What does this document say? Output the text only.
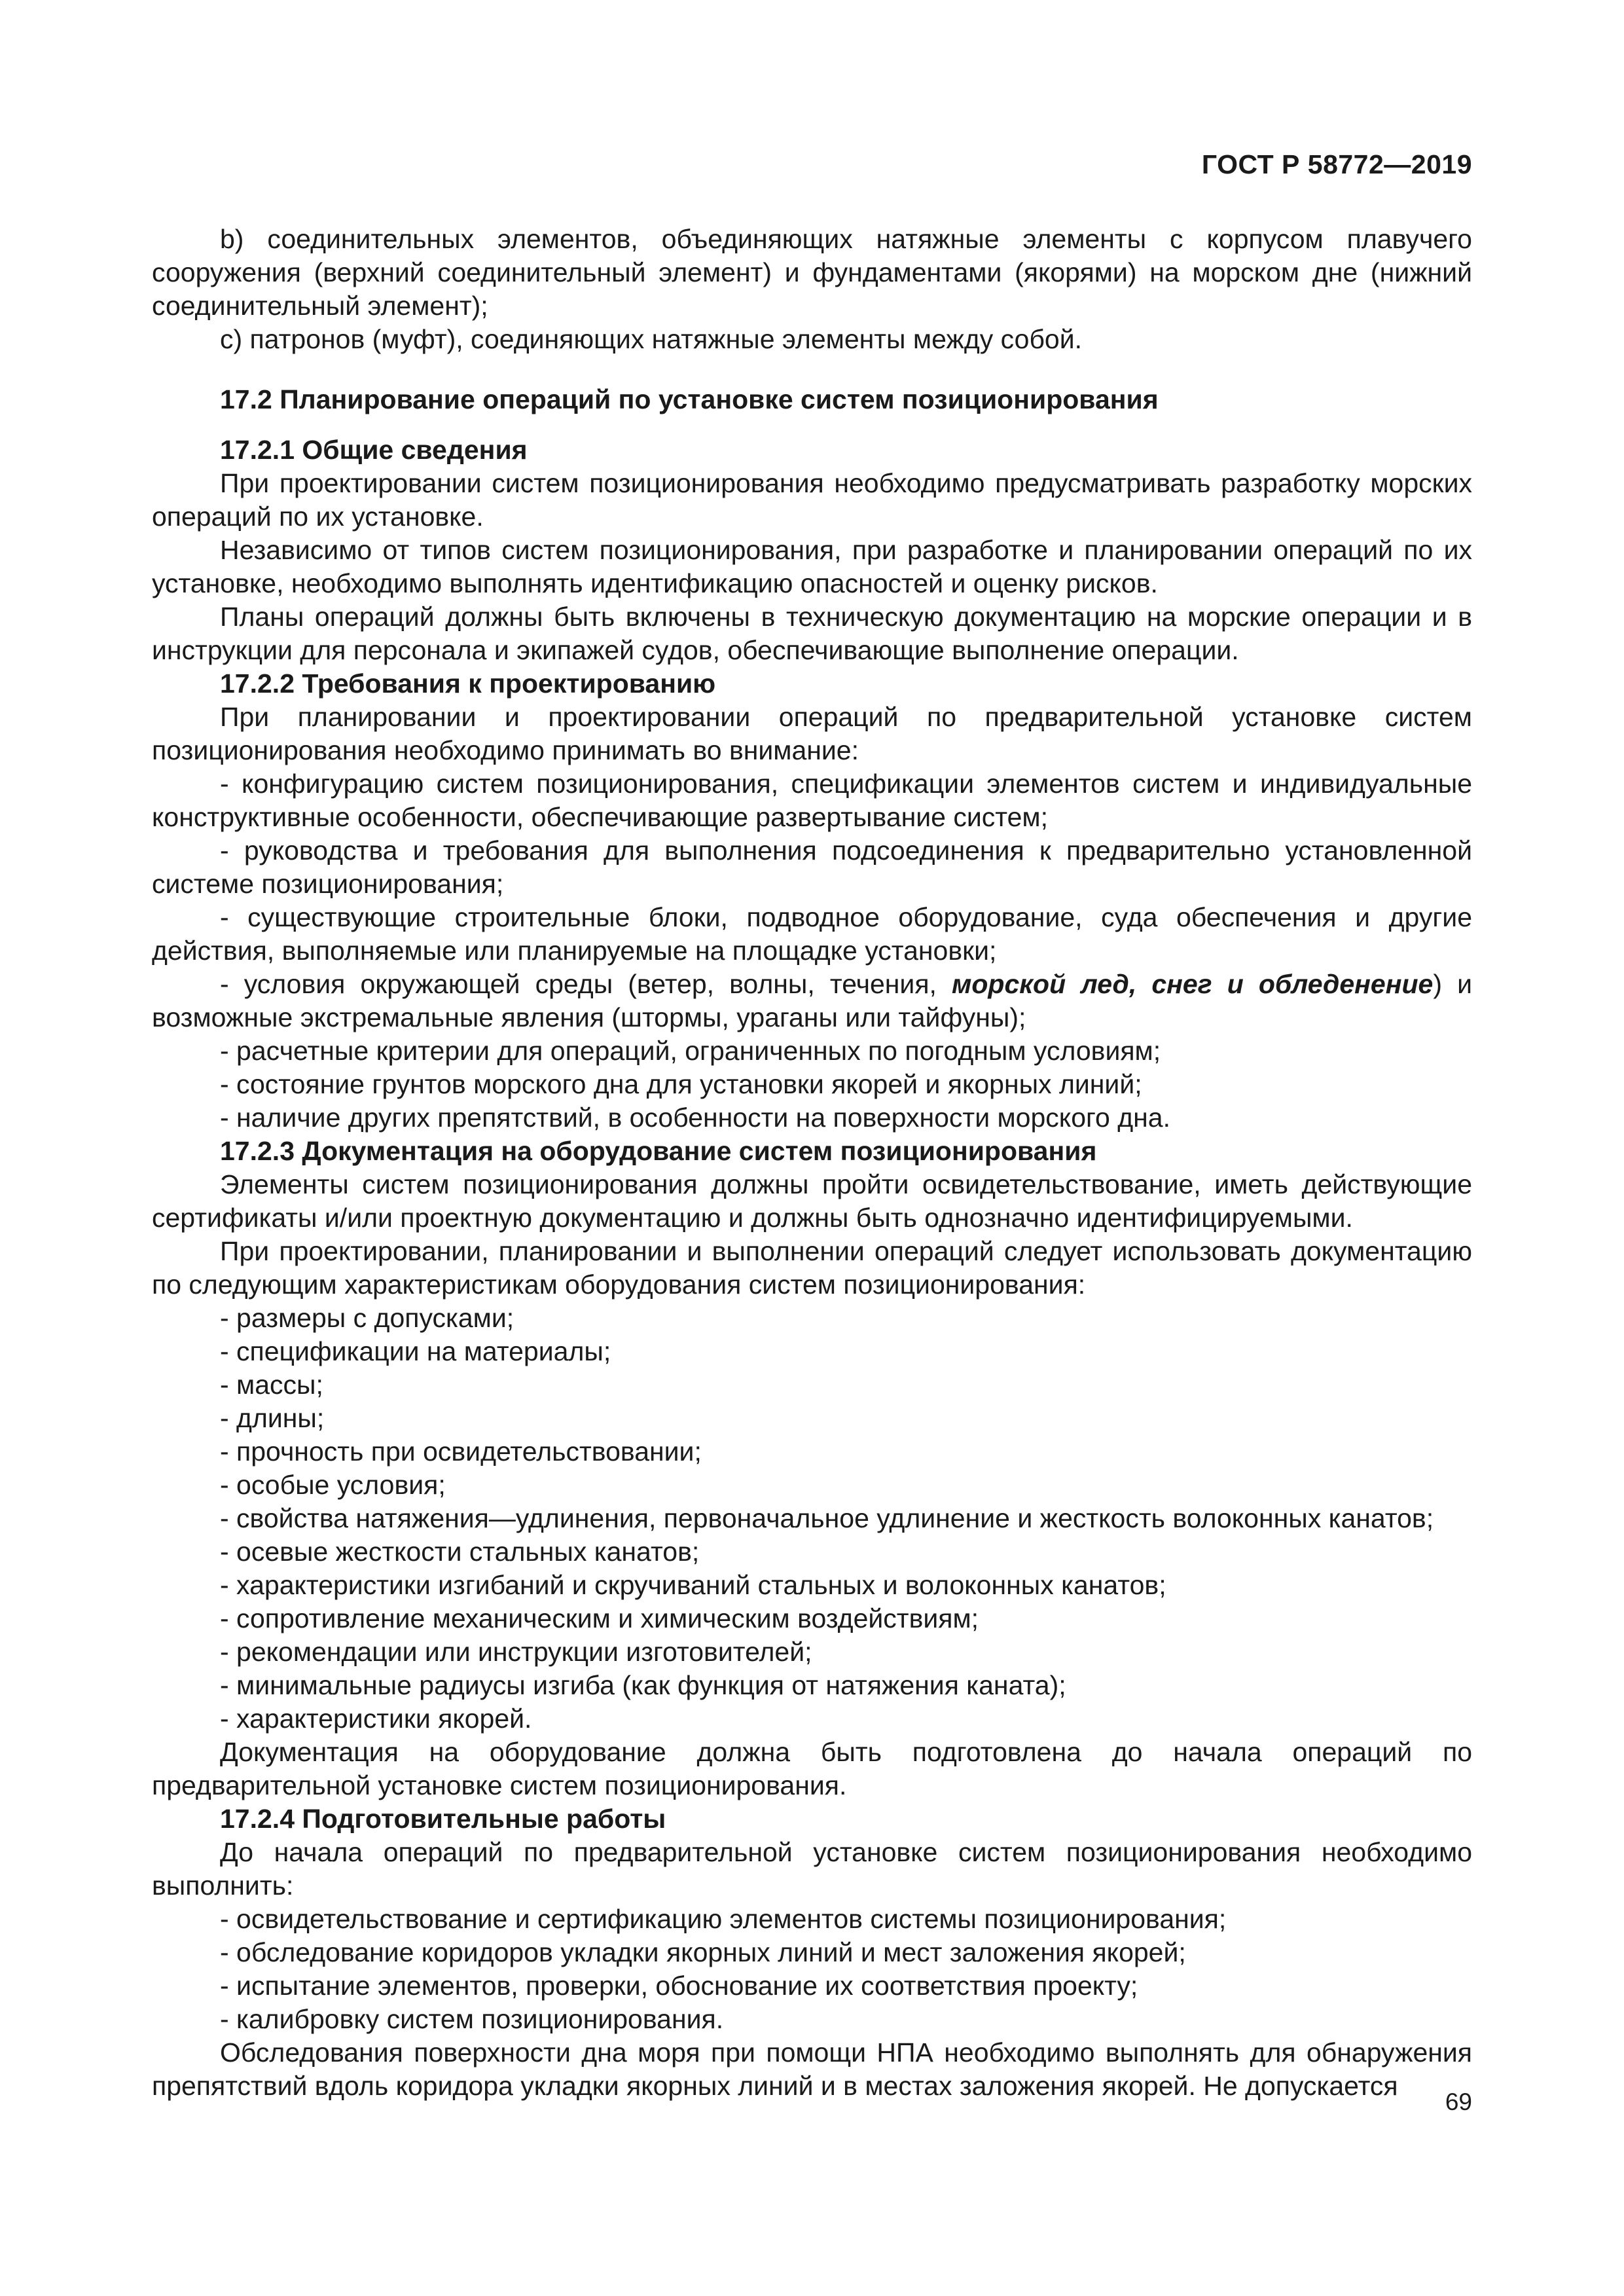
ГОСТ Р 58772—2019

b) соединительных элементов, объединяющих натяжные элементы с корпусом плавучего сооружения (верхний соединительный элемент) и фундаментами (якорями) на морском дне (нижний соединительный элемент);

c) патронов (муфт), соединяющих натяжные элементы между собой.

17.2 Планирование операций по установке систем позиционирования

17.2.1 Общие сведения

При проектировании систем позиционирования необходимо предусматривать разработку морских операций по их установке.

Независимо от типов систем позиционирования, при разработке и планировании операций по их установке, необходимо выполнять идентификацию опасностей и оценку рисков.

Планы операций должны быть включены в техническую документацию на морские операции и в инструкции для персонала и экипажей судов, обеспечивающие выполнение операции.

17.2.2 Требования к проектированию

При планировании и проектировании операций по предварительной установке систем позиционирования необходимо принимать во внимание:

- конфигурацию систем позиционирования, спецификации элементов систем и индивидуальные конструктивные особенности, обеспечивающие развертывание систем;

- руководства и требования для выполнения подсоединения к предварительно установленной системе позиционирования;

- существующие строительные блоки, подводное оборудование, суда обеспечения и другие действия, выполняемые или планируемые на площадке установки;

- условия окружающей среды (ветер, волны, течения, морской лед, снег и обледенение) и возможные экстремальные явления (штормы, ураганы или тайфуны);

- расчетные критерии для операций, ограниченных по погодным условиям;

- состояние грунтов морского дна для установки якорей и якорных линий;

- наличие других препятствий, в особенности на поверхности морского дна.

17.2.3 Документация на оборудование систем позиционирования

Элементы систем позиционирования должны пройти освидетельствование, иметь действующие сертификаты и/или проектную документацию и должны быть однозначно идентифицируемыми.

При проектировании, планировании и выполнении операций следует использовать документацию по следующим характеристикам оборудования систем позиционирования:

- размеры с допусками;

- спецификации на материалы;

- массы;

- длины;

- прочность при освидетельствовании;

- особые условия;

- свойства натяжения—удлинения, первоначальное удлинение и жесткость волоконных канатов;

- осевые жесткости стальных канатов;

- характеристики изгибаний и скручиваний стальных и волоконных канатов;

- сопротивление механическим и химическим воздействиям;

- рекомендации или инструкции изготовителей;

- минимальные радиусы изгиба (как функция от натяжения каната);

- характеристики якорей.

Документация на оборудование должна быть подготовлена до начала операций по предварительной установке систем позиционирования.

17.2.4 Подготовительные работы

До начала операций по предварительной установке систем позиционирования необходимо выполнить:

- освидетельствование и сертификацию элементов системы позиционирования;

- обследование коридоров укладки якорных линий и мест заложения якорей;

- испытание элементов, проверки, обоснование их соответствия проекту;

- калибровку систем позиционирования.

Обследования поверхности дна моря при помощи НПА необходимо выполнять для обнаружения препятствий вдоль коридора укладки якорных линий и в местах заложения якорей. Не допускается

69
